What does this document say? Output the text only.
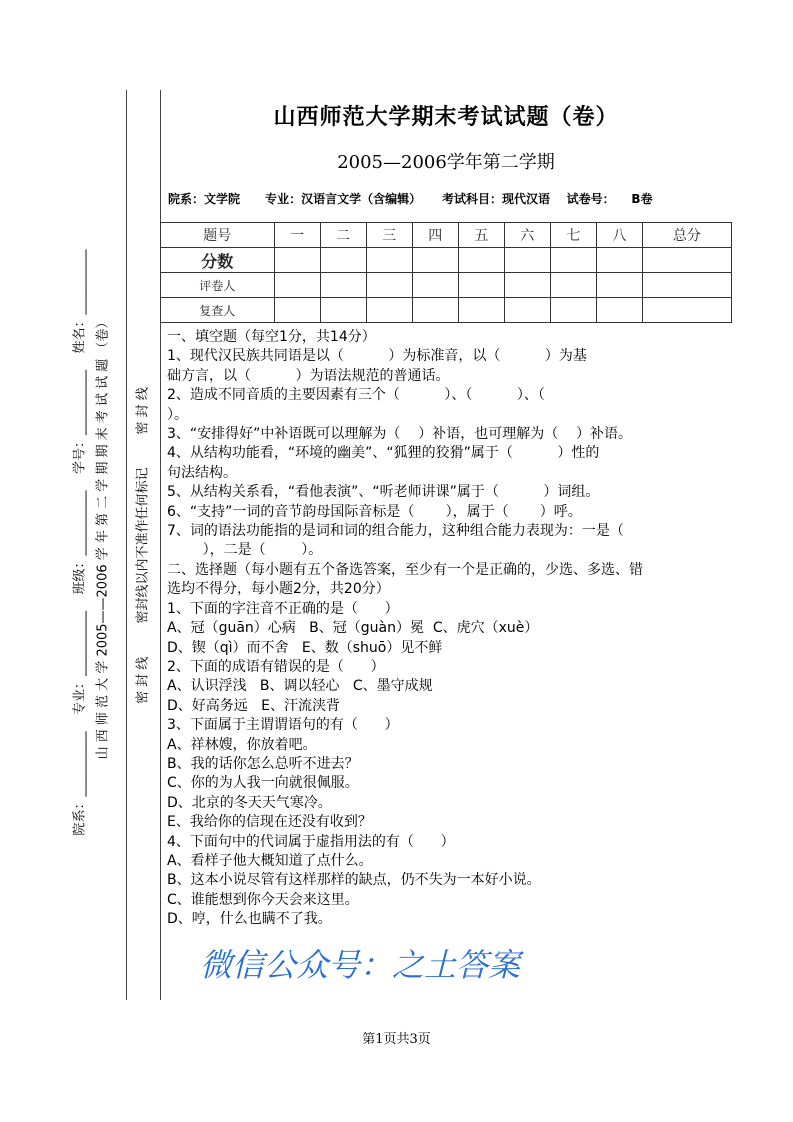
院系：__________    专业：__________    班级：__________    学号：__________    姓名：__________ 山 西 师 范 大 学 2005——2006 学 年 第 二 学 期 期 末 考 试 试 题 （卷） 密 封 线        密封线以内不准作任何标记        密 封 线
山西师范大学期末考试试题（卷）
2005—2006学年第二学期
院系：文学院      专业：汉语言文学（含编辑）     考试科目：现代汉语    试卷号：    B卷
题号	一	二	三	四	五	六	七	八	总分
分数									
评卷人									
复查人									
一、填空题（每空1分，共14分）
1、现代汉民族共同语是以（          ）为标准音，以（          ）为基
础方言，以（          ）为语法规范的普通话。
2、造成不同音质的主要因素有三个（          ）、（          ）、（
）。
3、“安排得好”中补语既可以理解为（    ）补语，也可理解为（    ）补语。
4、从结构功能看，“环境的幽美”、“狐狸的狡猾”属于（          ）性的
句法结构。
5、从结构关系看，“看他表演”、“听老师讲课”属于（          ）词组。
6、“支持”一词的音节韵母国际音标是（       ），属于（       ）呼。
7、词的语法功能指的是词和词的组合能力，这种组合能力表现为：一是（
），二是（        ）。
二、选择题（每小题有五个备选答案，至少有一个是正确的，少选、多选、错
选均不得分，每小题2分，共20分）
1、下面的字注音不正确的是（      ）
A、冠（guān）心病   B、冠（guàn）冕  C、虎穴（xuè）
D、锲（qì）而不舍   E、数（shuō）见不鲜
2、下面的成语有错误的是（      ）
A、认识浮浅   B、调以轻心   C、墨守成规
D、好高务远   E、汗流浃背
3、下面属于主谓谓语句的有（      ）
A、祥林嫂，你放着吧。
B、我的话你怎么总听不进去？
C、你的为人我一向就很佩服。
D、北京的冬天天气寒冷。
E、我给你的信现在还没有收到？
4、下面句中的代词属于虚指用法的有（      ）
A、看样子他大概知道了点什么。
B、这本小说尽管有这样那样的缺点，仍不失为一本好小说。
C、谁能想到你今天会来这里。
D、哼，什么也瞒不了我。
微信公众号：之土答案
第1页共3页
